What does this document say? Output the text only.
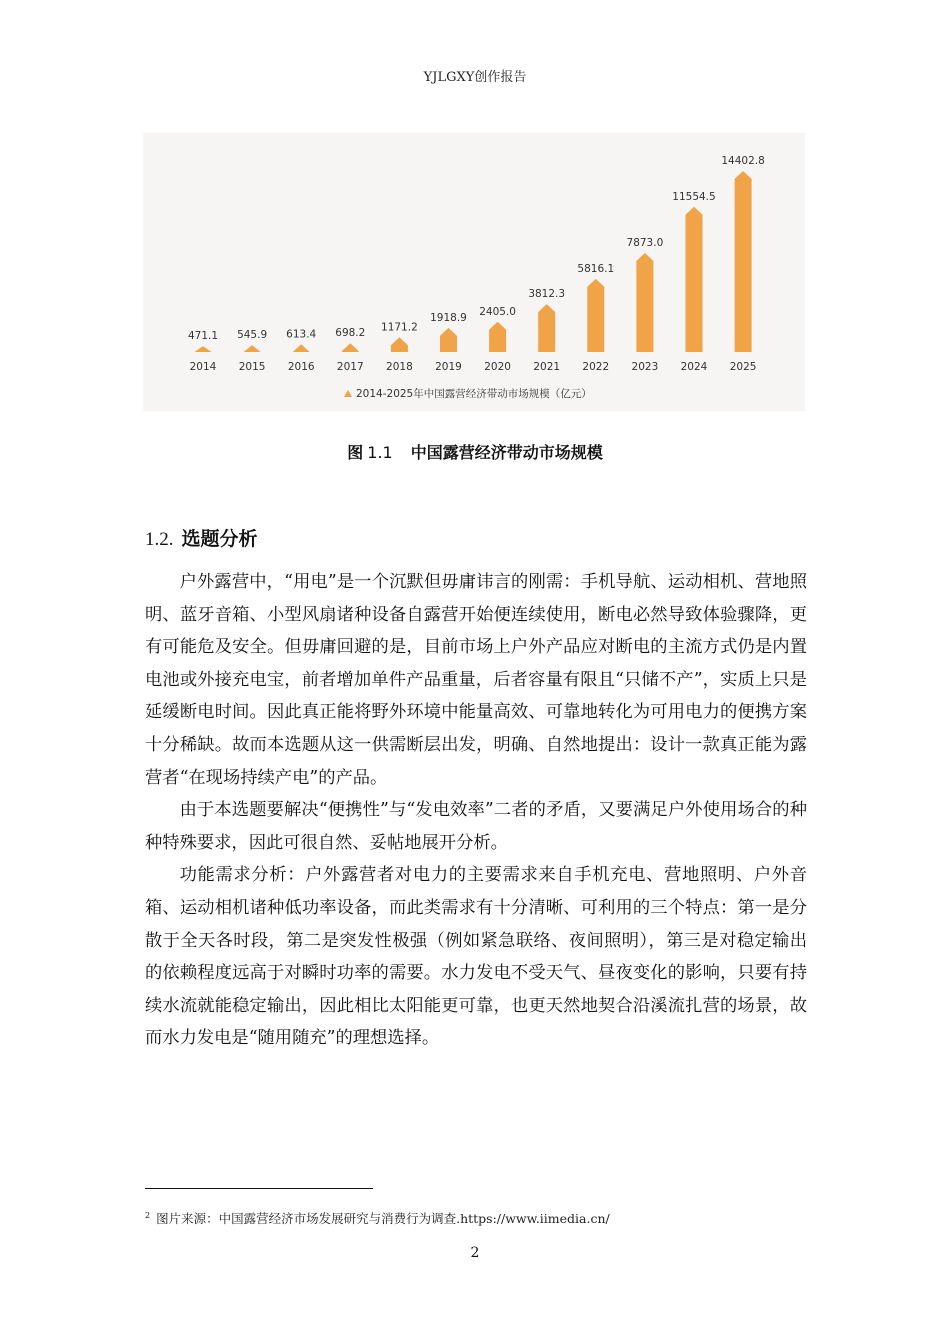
YJLGXY创作报告
471.1
2014
545.9
2015
613.4
2016
698.2
2017
1171.2
2018
1918.9
2019
2405.0
2020
3812.3
2021
5816.1
2022
7873.0
2023
11554.5
2024
14402.8
2025
2014-2025年中国露营经济带动市场规模（亿元）
图 1.1 中国露营经济带动市场规模
1.2. 选题分析

户外露营中，“用电”是一个沉默但毋庸讳言的刚需：手机导航、运动相机、营地照明、蓝牙音箱、小型风扇诸种设备自露营开始便连续使用，断电必然导致体验骤降，更有可能危及安全。但毋庸回避的是，目前市场上户外产品应对断电的主流方式仍是内置电池或外接充电宝，前者增加单件产品重量，后者容量有限且“只储不产”，实质上只是延缓断电时间。因此真正能将野外环境中能量高效、可靠地转化为可用电力的便携方案十分稀缺。故而本选题从这一供需断层出发，明确、自然地提出：设计一款真正能为露营者“在现场持续产电”的产品。

由于本选题要解决“便携性”与“发电效率”二者的矛盾，又要满足户外使用场合的种种特殊要求，因此可很自然、妥帖地展开分析。

功能需求分析：户外露营者对电力的主要需求来自手机充电、营地照明、户外音箱、运动相机诸种低功率设备，而此类需求有十分清晰、可利用的三个特点：第一是分散于全天各时段，第二是突发性极强（例如紧急联络、夜间照明），第三是对稳定输出的依赖程度远高于对瞬时功率的需要。水力发电不受天气、昼夜变化的影响，只要有持续水流就能稳定输出，因此相比太阳能更可靠，也更天然地契合沿溪流扎营的场景，故而水力发电是“随用随充”的理想选择。

$^2$ 图片来源：中国露营经济市场发展研究与消费行为调查.https://www.iimedia.cn/
2
